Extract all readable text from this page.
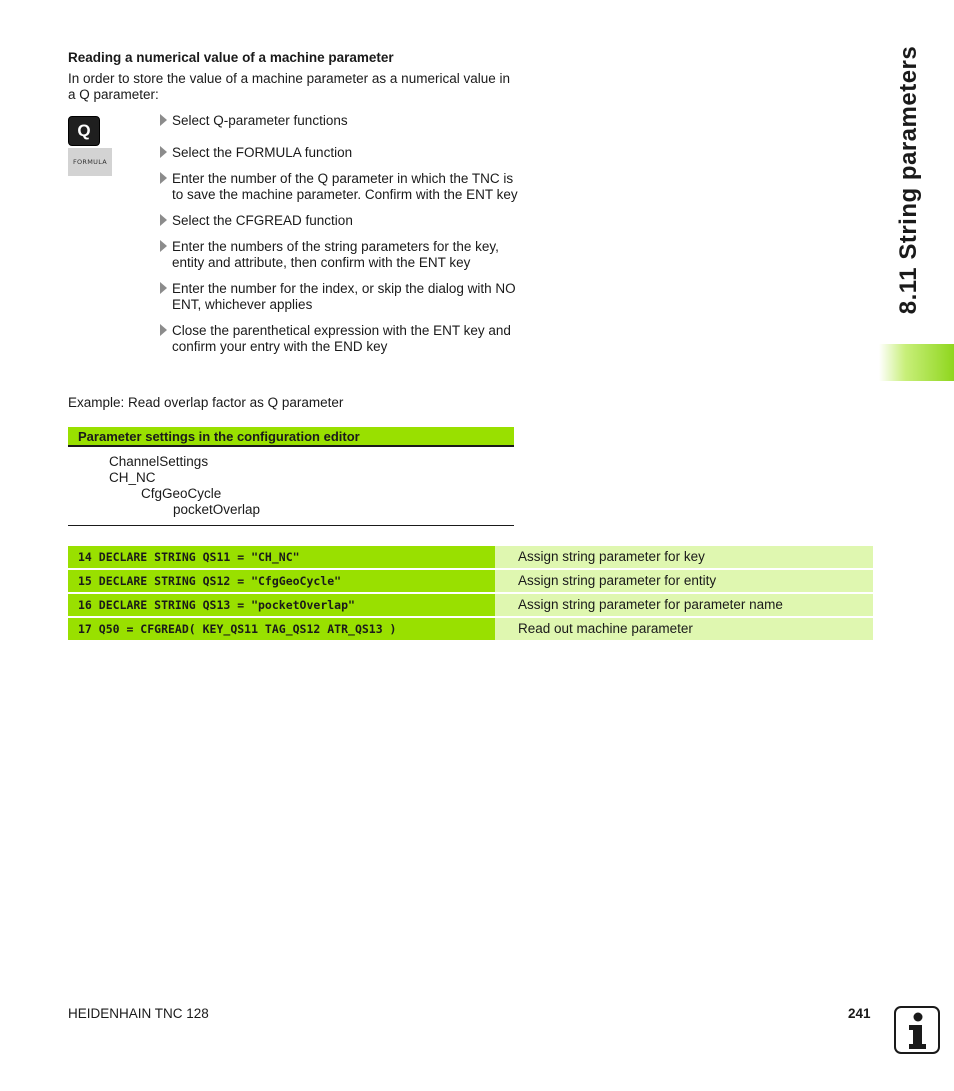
Reading a numerical value of a machine parameter
In order to store the value of a machine parameter as a numerical value in a Q parameter:
Q
FORMULA
Select Q-parameter functions
Select the FORMULA function
Enter the number of the Q parameter in which the TNC is to save the machine parameter. Confirm with the ENT key
Select the CFGREAD function
Enter the numbers of the string parameters for the key, entity and attribute, then confirm with the ENT key
Enter the number for the index, or skip the dialog with NO ENT, whichever applies
Close the parenthetical expression with the ENT key and confirm your entry with the END key
Example: Read overlap factor as Q parameter
Parameter settings in the configuration editor
ChannelSettings
CH_NC
CfgGeoCycle
pocketOverlap
14 DECLARE STRING QS11 = "CH_NC"	Assign string parameter for key
15 DECLARE STRING QS12 = "CfgGeoCycle"	Assign string parameter for entity
16 DECLARE STRING QS13 = "pocketOverlap"	Assign string parameter for parameter name
17 Q50 = CFGREAD( KEY_QS11 TAG_QS12 ATR_QS13 )	Read out machine parameter
8.11 String parameters
HEIDENHAIN TNC 128	241
